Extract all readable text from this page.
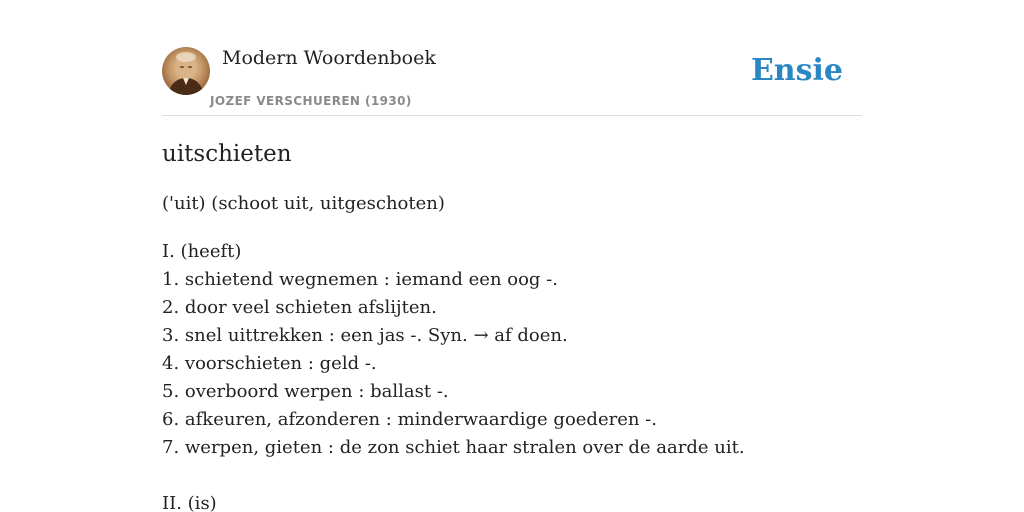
Modern Woordenboek
JOZEF VERSCHUEREN (1930)
Ensie
uitschieten
('uit) (schoot uit, uitgeschoten)
I. (heeft)
1. schietend wegnemen : iemand een oog -.
2. door veel schieten afslijten.
3. snel uittrekken : een jas -. Syn. → af doen.
4. voorschieten : geld -.
5. overboord werpen : ballast -.
6. afkeuren, afzonderen : minderwaardige goederen -.
7. werpen, gieten : de zon schiet haar stralen over de aarde uit.
II. (is)
